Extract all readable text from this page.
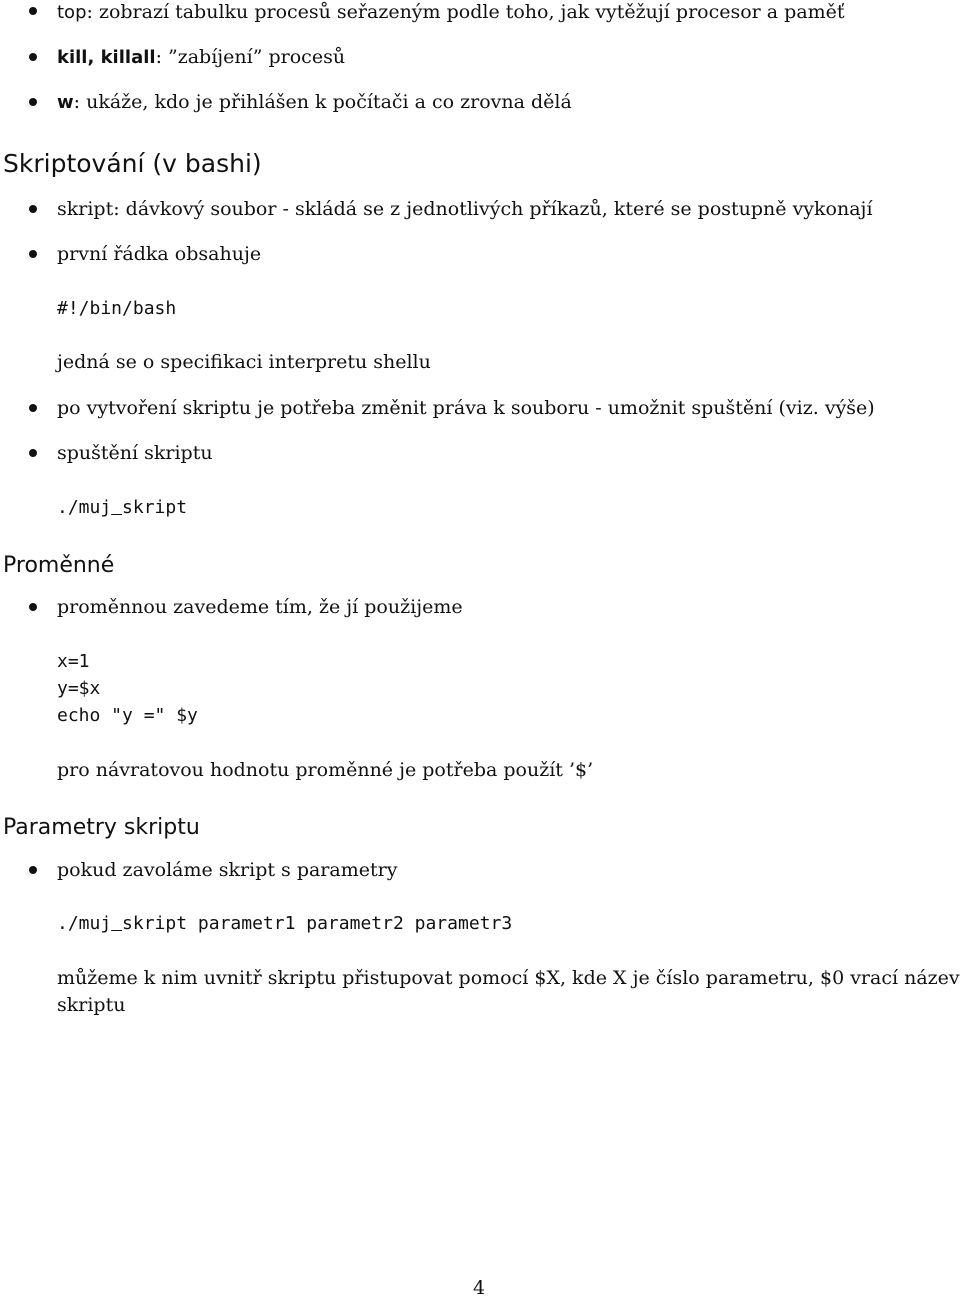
top: zobrazí tabulku procesů seřazeným podle toho, jak vytěžují procesor a paměť
kill, killall: ”zabíjení” procesů
w: ukáže, kdo je přihlášen k počítači a co zrovna dělá
Skriptování (v bashi)
skript: dávkový soubor - skládá se z jednotlivých příkazů, které se postupně vykonají
první řádka obsahuje
#!/bin/bash
jedná se o specifikaci interpretu shellu
po vytvoření skriptu je potřeba změnit práva k souboru - umožnit spuštění (viz. výše)
spuštění skriptu
./muj skript
Proměnné
proměnnou zavedeme tím, že jí použijeme
x=1
y=$x
echo "y =" $y
pro návratovou hodnotu proměnné je potřeba použít ’$’
Parametry skriptu
pokud zavoláme skript s parametry
./muj skript parametr1 parametr2 parametr3
můžeme k nim uvnitř skriptu přistupovat pomocí $X, kde X je číslo parametru, $0 vrací název
skriptu
4
